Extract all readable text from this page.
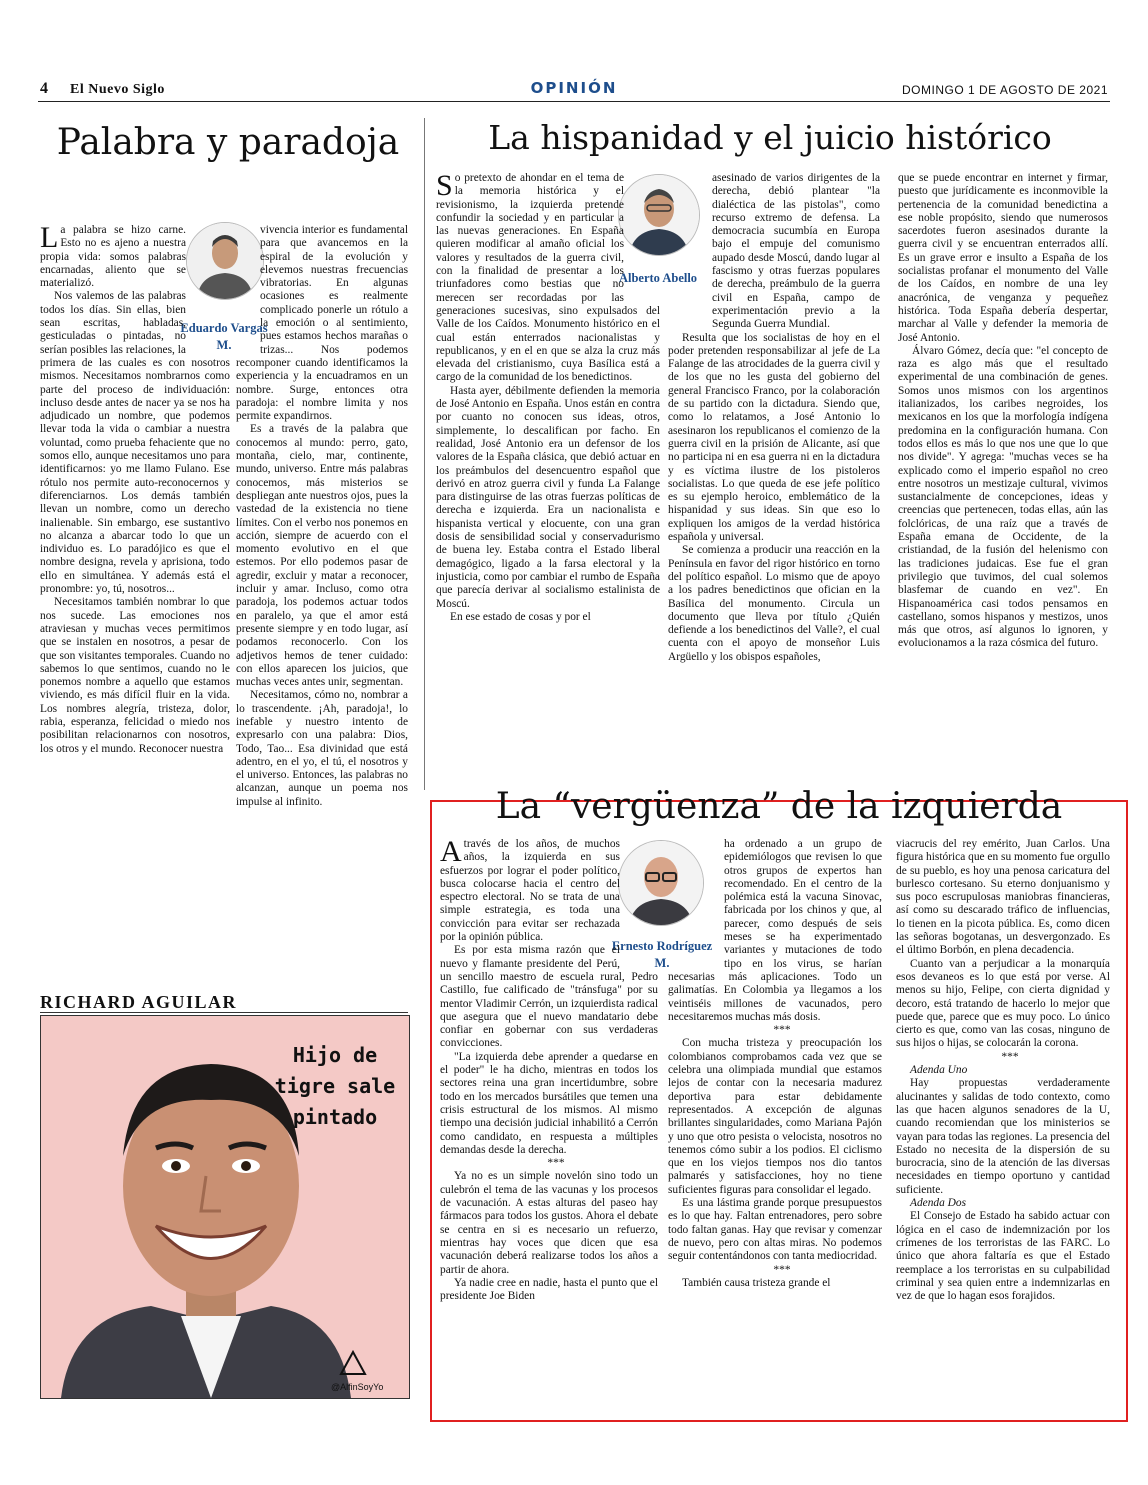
4 El Nuevo Siglo	OPINIÓN	DOMINGO 1 DE AGOSTO DE 2021
Palabra y paradoja
Eduardo Vargas M.

La palabra se hizo carne. Esto no es ajeno a nuestra propia vida: somos palabras encarnadas, aliento que se materializó.

Nos valemos de las palabras todos los días. Sin ellas, bien sean escritas, habladas, gesticuladas o pintadas, no serían posibles las relaciones, la primera de las cuales es con nosotros mismos. Necesitamos nombrarnos como parte del proceso de individuación: incluso desde antes de nacer ya se nos ha adjudicado un nombre, que podemos llevar toda la vida o cambiar a nuestra voluntad, como prueba fehaciente que no somos ello, aunque necesitamos uno para identificarnos: yo me llamo Fulano. Ese rótulo nos permite auto-reconocernos y diferenciarnos. Los demás también llevan un nombre, como un derecho inalienable. Sin embargo, ese sustantivo no alcanza a abarcar todo lo que un individuo es. Lo paradójico es que el nombre designa, revela y aprisiona, todo ello en simultánea. Y además está el pronombre: yo, tú, nosotros...

Necesitamos también nombrar lo que nos sucede. Las emociones nos atraviesan y muchas veces permitimos que se instalen en nosotros, a pesar de que son visitantes temporales. Cuando no sabemos lo que sentimos, cuando no le ponemos nombre a aquello que estamos viviendo, es más difícil fluir en la vida. Los nombres alegría, tristeza, dolor, rabia, esperanza, felicidad o miedo nos posibilitan relacionarnos con nosotros, los otros y el mundo. Reconocer nuestra

vivencia interior es fundamental para que avancemos en la espiral de la evolución y elevemos nuestras frecuencias vibratorias. En algunas ocasiones es realmente complicado ponerle un rótulo a la emoción o al sentimiento, pues estamos hechos marañas o trizas... Nos podemos recomponer cuando identificamos la experiencia y la encuadramos en un nombre. Surge, entonces otra paradoja: el nombre limita y nos permite expandirnos.

Es a través de la palabra que conocemos al mundo: perro, gato, montaña, cielo, mar, continente, mundo, universo. Entre más palabras conocemos, más misterios se despliegan ante nuestros ojos, pues la vastedad de la existencia no tiene límites. Con el verbo nos ponemos en acción, siempre de acuerdo con el momento evolutivo en el que estemos. Por ello podemos pasar de agredir, excluir y matar a reconocer, incluir y amar. Incluso, como otra paradoja, los podemos actuar todos en paralelo, ya que el amor está presente siempre y en todo lugar, así podamos reconocerlo. Con los adjetivos hemos de tener cuidado: con ellos aparecen los juicios, que muchas veces antes unir, segmentan.

Necesitamos, cómo no, nombrar a lo trascendente. ¡Ah, paradoja!, lo inefable y nuestro intento de expresarlo con una palabra: Dios, Todo, Tao... Esa divinidad que está adentro, en el yo, el tú, el nosotros y el universo. Entonces, las palabras no alcanzan, aunque un poema nos impulse al infinito.

RICHARD AGUILAR
Hijo de tigre sale pintado
@AlfinSoyYo
La hispanidad y el juicio histórico
Alberto Abello

So pretexto de ahondar en el tema de la memoria histórica y el revisionismo, la izquierda pretende confundir la sociedad y en particular a las nuevas generaciones. En España quieren modificar al amaño oficial los valores y resultados de la guerra civil, con la finalidad de presentar a los triunfadores como bestias que no merecen ser recordadas por las generaciones sucesivas, sino expulsados del Valle de los Caídos. Monumento histórico en el cual están enterrados nacionalistas y republicanos, y en el en que se alza la cruz más elevada del cristianismo, cuya Basílica está a cargo de la comunidad de los benedictinos.

Hasta ayer, débilmente defienden la memoria de José Antonio en España. Unos están en contra por cuanto no conocen sus ideas, otros, simplemente, lo descalifican por facho. En realidad, José Antonio era un defensor de los valores de la España clásica, que debió actuar en los preámbulos del desencuentro español que derivó en atroz guerra civil y funda La Falange para distinguirse de las otras fuerzas políticas de derecha e izquierda. Era un nacionalista e hispanista vertical y elocuente, con una gran dosis de sensibilidad social y conservadurismo de buena ley. Estaba contra el Estado liberal demagógico, ligado a la farsa electoral y la injusticia, como por cambiar el rumbo de España que parecía derivar al socialismo estalinista de Moscú.

En ese estado de cosas y por el

asesinado de varios dirigentes de la derecha, debió plantear "la dialéctica de las pistolas", como recurso extremo de defensa. La democracia sucumbía en Europa bajo el empuje del comunismo aupado desde Moscú, dando lugar al fascismo y otras fuerzas populares de derecha, preámbulo de la guerra civil en España, campo de experimentación previo a la Segunda Guerra Mundial.

Resulta que los socialistas de hoy en el poder pretenden responsabilizar al jefe de La Falange de las atrocidades de la guerra civil y de los que no les gusta del gobierno del general Francisco Franco, por la colaboración de su partido con la dictadura. Siendo que, como lo relatamos, a José Antonio lo asesinaron los republicanos el comienzo de la guerra civil en la prisión de Alicante, así que no participa ni en esa guerra ni en la dictadura y es víctima ilustre de los pistoleros socialistas. Lo que queda de ese jefe político es su ejemplo heroico, emblemático de la hispanidad y sus ideas. Sin que eso lo expliquen los amigos de la verdad histórica española y universal.

Se comienza a producir una reacción en la Península en favor del rigor histórico en torno del político español. Lo mismo que de apoyo a los padres benedictinos que ofician en la Basílica del monumento. Circula un documento que lleva por título ¿Quién defiende a los benedictinos del Valle?, el cual cuenta con el apoyo de monseñor Luis Argüello y los obispos españoles,

que se puede encontrar en internet y firmar, puesto que jurídicamente es inconmovible la pertenencia de la comunidad benedictina a ese noble propósito, siendo que numerosos sacerdotes fueron asesinados durante la guerra civil y se encuentran enterrados allí. Es un grave error e insulto a España de los socialistas profanar el monumento del Valle de los Caídos, en nombre de una ley anacrónica, de venganza y pequeñez histórica. Toda España debería despertar, marchar al Valle y defender la memoria de José Antonio.

Álvaro Gómez, decía que: "el concepto de raza es algo más que el resultado experimental de una combinación de genes. Somos unos mismos con los argentinos italianizados, los caribes negroides, los mexicanos en los que la morfología indígena predomina en la configuración humana. Con todos ellos es más lo que nos une que lo que nos divide". Y agrega: "muchas veces se ha explicado como el imperio español no creo entre nosotros un mestizaje cultural, vivimos sustancialmente de concepciones, ideas y creencias que pertenecen, todas ellas, aún las folclóricas, de una raíz que a través de España emana de Occidente, de la cristiandad, de la fusión del helenismo con las tradiciones judaicas. Ese fue el gran privilegio que tuvimos, del cual solemos blasfemar de cuando en vez". En Hispanoamérica casi todos pensamos en castellano, somos hispanos y mestizos, unos más que otros, así algunos lo ignoren, y evolucionamos a la raza cósmica del futuro.

La “vergüenza” de la izquierda
Ernesto Rodríguez M.

Através de los años, de muchos años, la izquierda en sus esfuerzos por lograr el poder político, busca colocarse hacia el centro del espectro electoral. No se trata de una simple estrategia, es toda una convicción para evitar ser rechazada por la opinión pública.

Es por esta misma razón que el nuevo y flamante presidente del Perú, un sencillo maestro de escuela rural, Pedro Castillo, fue calificado de "tránsfuga" por su mentor Vladimir Cerrón, un izquierdista radical que asegura que el nuevo mandatario debe confiar en gobernar con sus verdaderas convicciones.

"La izquierda debe aprender a quedarse en el poder" le ha dicho, mientras en todos los sectores reina una gran incertidumbre, sobre todo en los mercados bursátiles que temen una crisis estructural de los mismos. Al mismo tiempo una decisión judicial inhabilitó a Cerrón como candidato, en respuesta a múltiples demandas desde la derecha.

***

Ya no es un simple novelón sino todo un culebrón el tema de las vacunas y los procesos de vacunación. A estas alturas del paseo hay fármacos para todos los gustos. Ahora el debate se centra en si es necesario un refuerzo, mientras hay voces que dicen que esa vacunación deberá realizarse todos los años a partir de ahora.

Ya nadie cree en nadie, hasta el punto que el presidente Joe Biden

ha ordenado a un grupo de epidemiólogos que revisen lo que otros grupos de expertos han recomendado. En el centro de la polémica está la vacuna Sinovac, fabricada por los chinos y que, al parecer, como después de seis meses se ha experimentado variantes y mutaciones de todo tipo en los virus, se harían necesarias más aplicaciones. Todo un galimatías. En Colombia ya llegamos a los veintiséis millones de vacunados, pero necesitaremos muchas más dosis.

***

Con mucha tristeza y preocupación los colombianos comprobamos cada vez que se celebra una olimpiada mundial que estamos lejos de contar con la necesaria madurez deportiva para estar debidamente representados. A excepción de algunas brillantes singularidades, como Mariana Pajón y uno que otro pesista o velocista, nosotros no tenemos cómo subir a los podios. El ciclismo que en los viejos tiempos nos dio tantos palmarés y satisfacciones, hoy no tiene suficientes figuras para consolidar el legado.

Es una lástima grande porque presupuestos es lo que hay. Faltan entrenadores, pero sobre todo faltan ganas. Hay que revisar y comenzar de nuevo, pero con altas miras. No podemos seguir contentándonos con tanta mediocridad.

***

También causa tristeza grande el

viacrucis del rey emérito, Juan Carlos. Una figura histórica que en su momento fue orgullo de su pueblo, es hoy una penosa caricatura del burlesco cortesano. Su eterno donjuanismo y sus poco escrupulosas maniobras financieras, así como su descarado tráfico de influencias, lo tienen en la picota pública. Es, como dicen las señoras bogotanas, un desvergonzado. Es el último Borbón, en plena decadencia.

Cuanto van a perjudicar a la monarquía esos devaneos es lo que está por verse. Al menos su hijo, Felipe, con cierta dignidad y decoro, está tratando de hacerlo lo mejor que puede que, parece que es muy poco. Lo único cierto es que, como van las cosas, ninguno de sus hijos o hijas, se colocarán la corona.

***

Adenda Uno

Hay propuestas verdaderamente alucinantes y salidas de todo contexto, como las que hacen algunos senadores de la U, cuando recomiendan que los ministerios se vayan para todas las regiones. La presencia del Estado no necesita de la dispersión de su burocracia, sino de la atención de las diversas necesidades en tiempo oportuno y cantidad suficiente.

Adenda Dos

El Consejo de Estado ha sabido actuar con lógica en el caso de indemnización por los crímenes de los terroristas de las FARC. Lo único que ahora faltaría es que el Estado reemplace a los terroristas en su culpabilidad criminal y sea quien entre a indemnizarlas en vez de que lo hagan esos forajidos.
